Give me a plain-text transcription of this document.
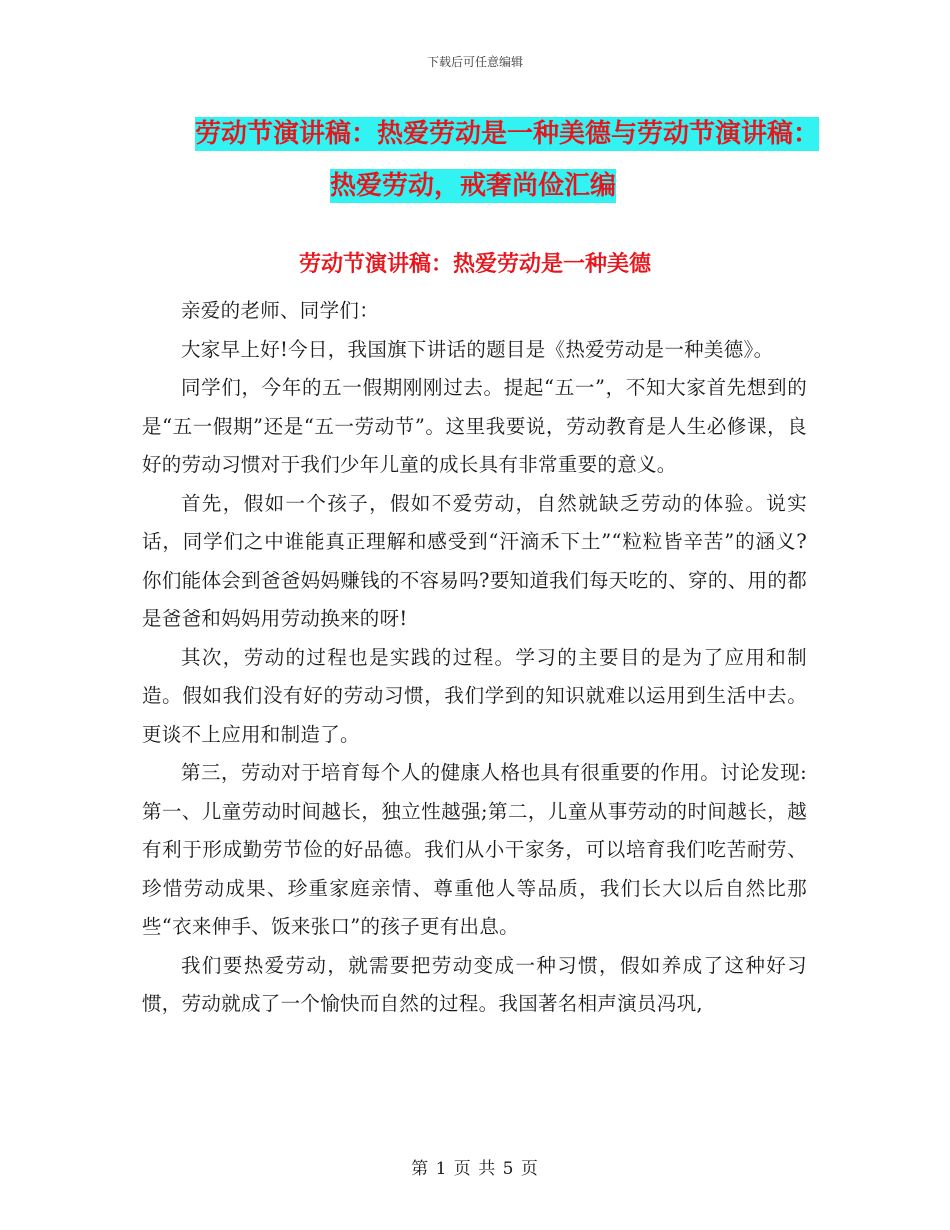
下载后可任意编辑
劳动节演讲稿：热爱劳动是一种美德与劳动节演讲稿：
热爱劳动，戒奢尚俭汇编
劳动节演讲稿：热爱劳动是一种美德

亲爱的老师、同学们：

大家早上好!今日，我国旗下讲话的题目是《热爱劳动是一种美德》。

同学们，今年的五一假期刚刚过去。提起“五一”，不知大家首先想到的是“五一假期”还是“五一劳动节”。这里我要说，劳动教育是人生必修课，良好的劳动习惯对于我们少年儿童的成长具有非常重要的意义。

首先，假如一个孩子，假如不爱劳动，自然就缺乏劳动的体验。说实话，同学们之中谁能真正理解和感受到“汗滴禾下土”“粒粒皆辛苦”的涵义?你们能体会到爸爸妈妈赚钱的不容易吗?要知道我们每天吃的、穿的、用的都是爸爸和妈妈用劳动换来的呀!

其次，劳动的过程也是实践的过程。学习的主要目的是为了应用和制造。假如我们没有好的劳动习惯，我们学到的知识就难以运用到生活中去。更谈不上应用和制造了。

第三，劳动对于培育每个人的健康人格也具有很重要的作用。讨论发现:第一、儿童劳动时间越长，独立性越强;第二，儿童从事劳动的时间越长，越有利于形成勤劳节俭的好品德。我们从小干家务，可以培育我们吃苦耐劳、珍惜劳动成果、珍重家庭亲情、尊重他人等品质，我们长大以后自然比那些“衣来伸手、饭来张口”的孩子更有出息。

我们要热爱劳动，就需要把劳动变成一种习惯，假如养成了这种好习惯，劳动就成了一个愉快而自然的过程。我国著名相声演员冯巩,

第 1 页 共 5 页
